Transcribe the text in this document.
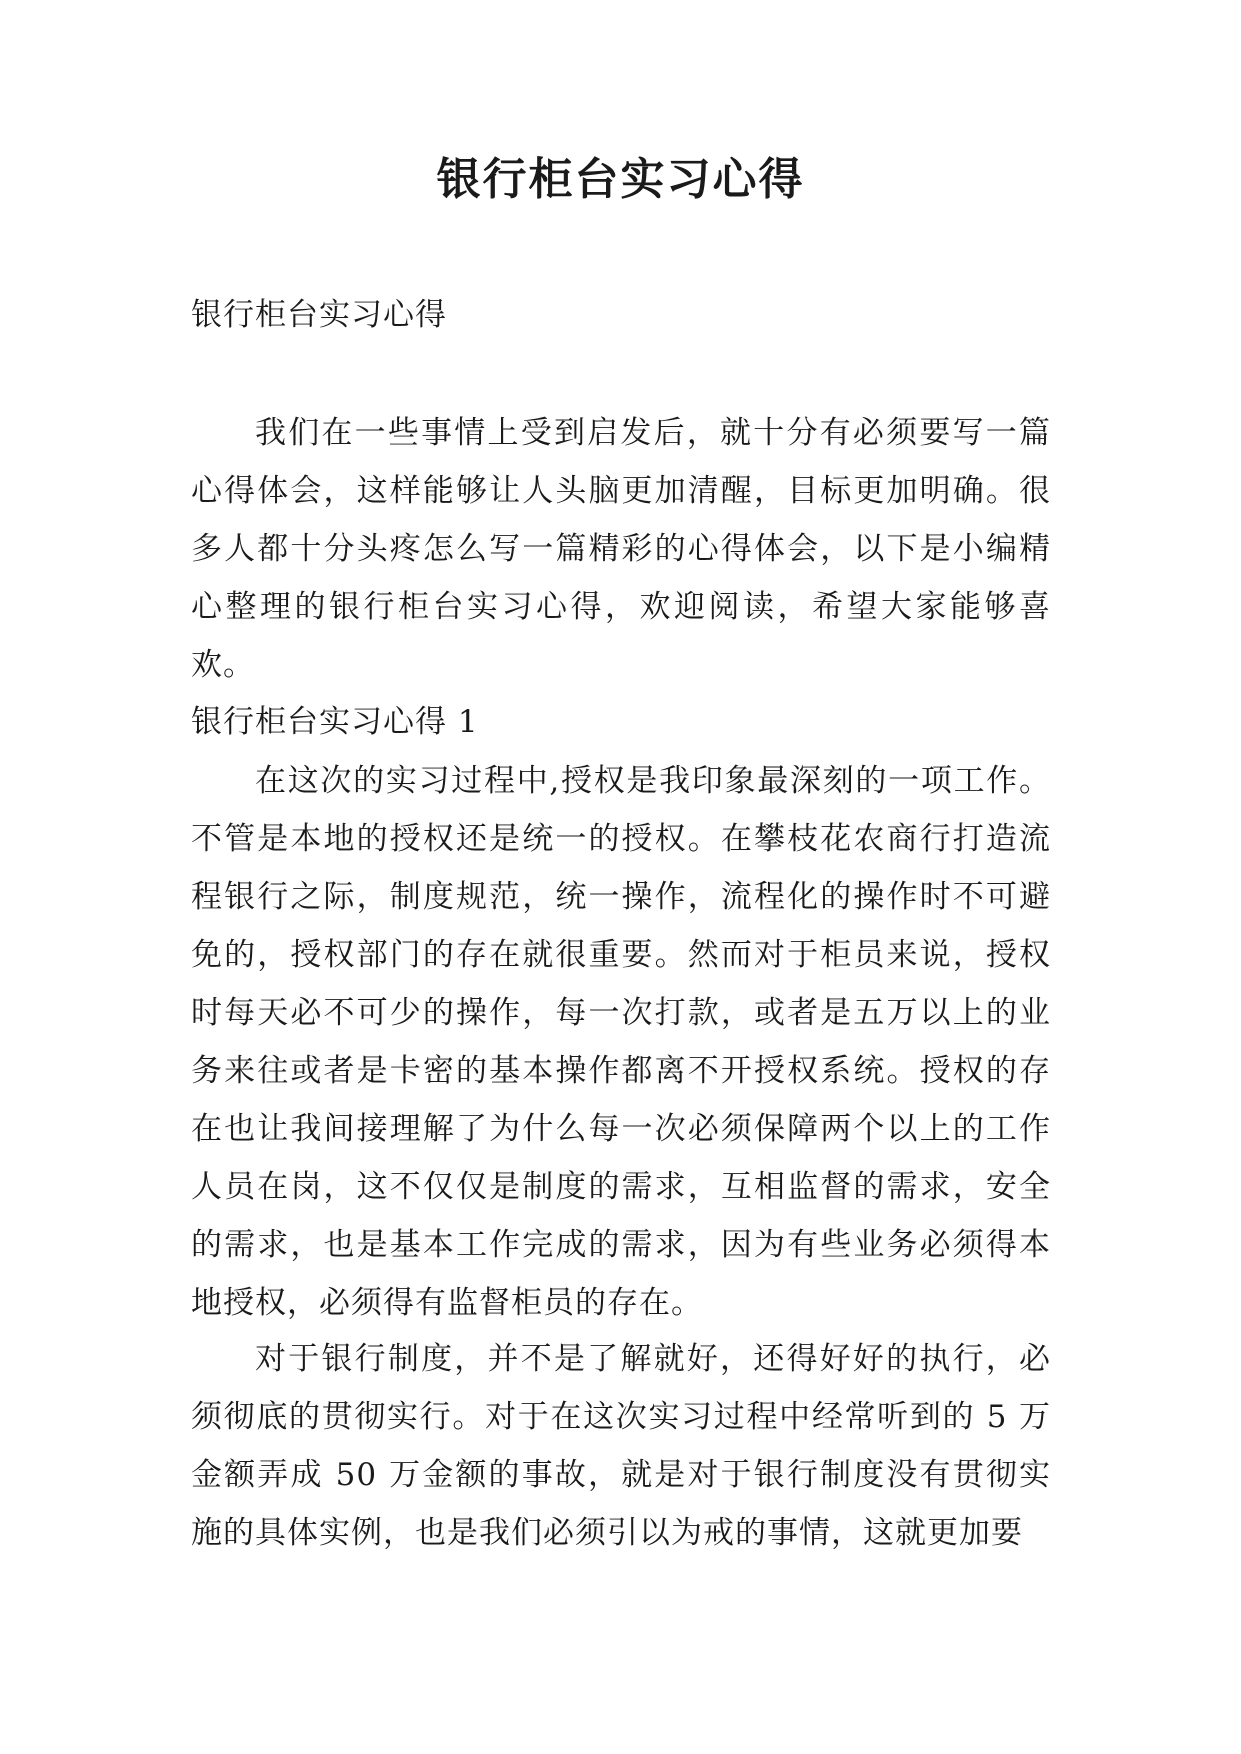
银行柜台实习心得

银行柜台实习心得

我们在一些事情上受到启发后，就十分有必须要写一篇心得体会，这样能够让人头脑更加清醒，目标更加明确。很多人都十分头疼怎么写一篇精彩的心得体会，以下是小编精心整理的银行柜台实习心得，欢迎阅读，希望大家能够喜欢。

银行柜台实习心得 1

在这次的实习过程中,授权是我印象最深刻的一项工作。不管是本地的授权还是统一的授权。在攀枝花农商行打造流程银行之际，制度规范，统一操作，流程化的操作时不可避免的，授权部门的存在就很重要。然而对于柜员来说，授权时每天必不可少的操作，每一次打款，或者是五万以上的业务来往或者是卡密的基本操作都离不开授权系统。授权的存在也让我间接理解了为什么每一次必须保障两个以上的工作人员在岗，这不仅仅是制度的需求，互相监督的需求，安全的需求，也是基本工作完成的需求，因为有些业务必须得本地授权，必须得有监督柜员的存在。

对于银行制度，并不是了解就好，还得好好的执行，必须彻底的贯彻实行。对于在这次实习过程中经常听到的 5 万金额弄成 50 万金额的事故，就是对于银行制度没有贯彻实施的具体实例，也是我们必须引以为戒的事情，这就更加要
